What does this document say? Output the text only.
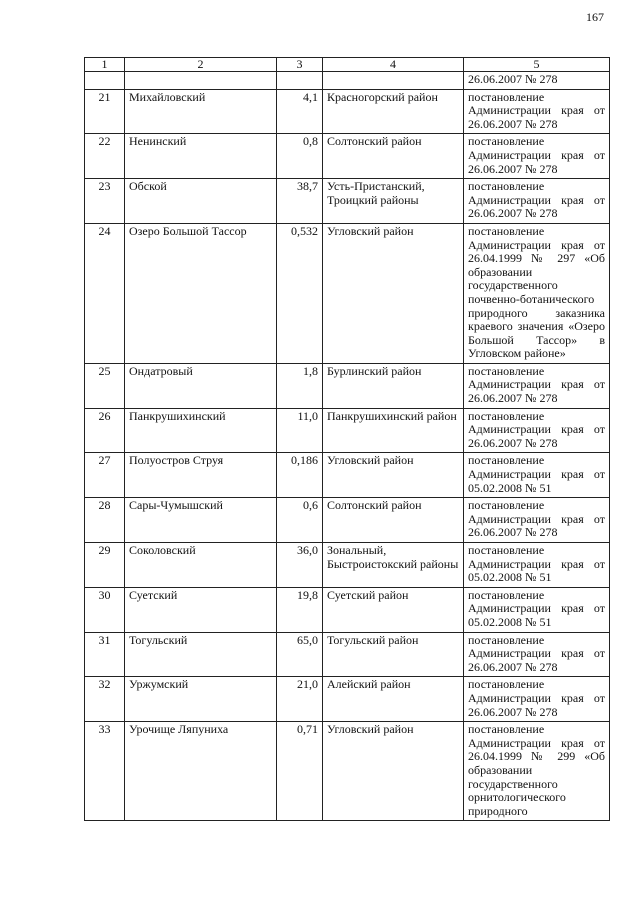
167
1	2	3	4	5
				26.06.2007 № 278
21	Михайловский	4,1	Красногорский район	постановление Администрации края от 26.06.2007 № 278
22	Ненинский	0,8	Солтонский район	постановление Администрации края от 26.06.2007 № 278
23	Обской	38,7	Усть-Пристанский, Троицкий районы	постановление Администрации края от 26.06.2007 № 278
24	Озеро Большой Тассор	0,532	Угловский район	постановление Администрации края от 26.04.1999 № 297 «Об образовании государственного почвенно-ботанического природного заказника краевого значения «Озеро Большой Тассор» в Угловском районе»
25	Ондатровый	1,8	Бурлинский район	постановление Администрации края от 26.06.2007 № 278
26	Панкрушихинский	11,0	Панкрушихинский район	постановление Администрации края от 26.06.2007 № 278
27	Полуостров Струя	0,186	Угловский район	постановление Администрации края от 05.02.2008 № 51
28	Сары-Чумышский	0,6	Солтонский район	постановление Администрации края от 26.06.2007 № 278
29	Соколовский	36,0	Зональный, Быстроистокский районы	постановление Администрации края от 05.02.2008 № 51
30	Суетский	19,8	Суетский район	постановление Администрации края от 05.02.2008 № 51
31	Тогульский	65,0	Тогульский район	постановление Администрации края от 26.06.2007 № 278
32	Уржумский	21,0	Алейский район	постановление Администрации края от 26.06.2007 № 278
33	Урочище Ляпуниха	0,71	Угловский район	постановление Администрации края от 26.04.1999 № 299 «Об образовании государственного орнитологического природного
